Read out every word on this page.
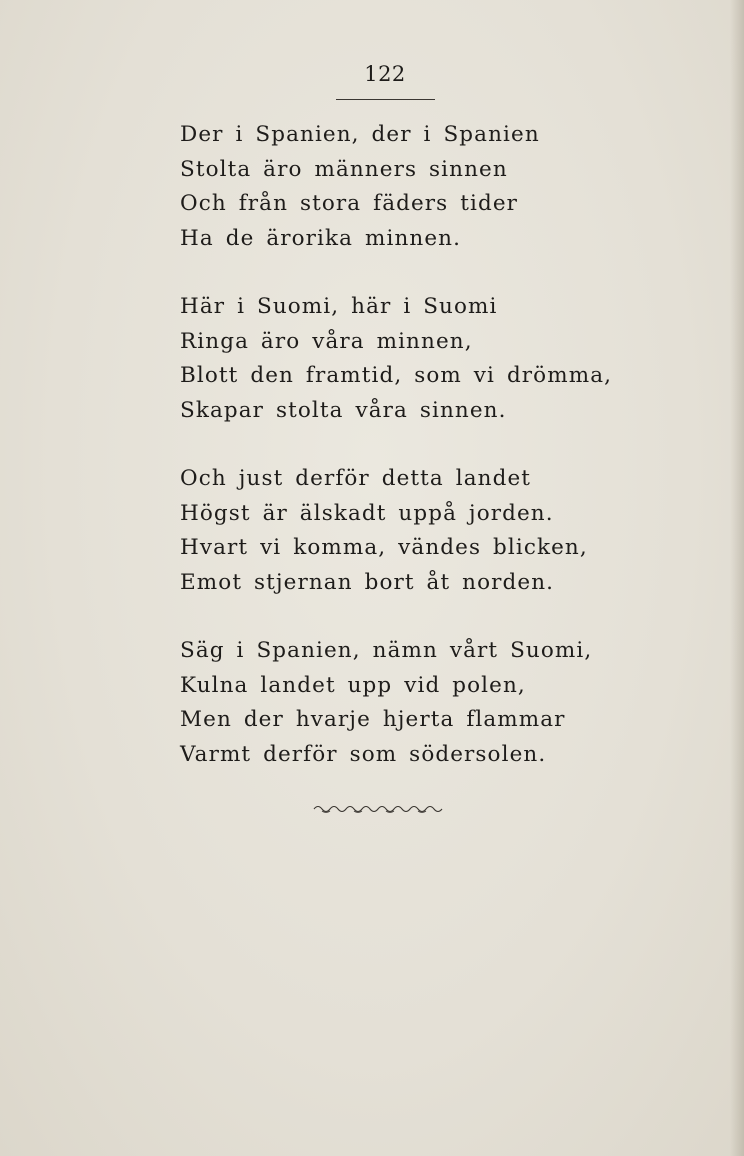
122
Der i Spanien, der i Spanien
Stolta äro männers sinnen
Och från stora fäders tider
Ha de ärorika minnen.
Här i Suomi, här i Suomi
Ringa äro våra minnen,
Blott den framtid, som vi drömma,
Skapar stolta våra sinnen.
Och just derför detta landet
Högst är älskadt uppå jorden.
Hvart vi komma, vändes blicken,
Emot stjernan bort åt norden.
Säg i Spanien, nämn vårt Suomi,
Kulna landet upp vid polen,
Men der hvarje hjerta flammar
Varmt derför som södersolen.
